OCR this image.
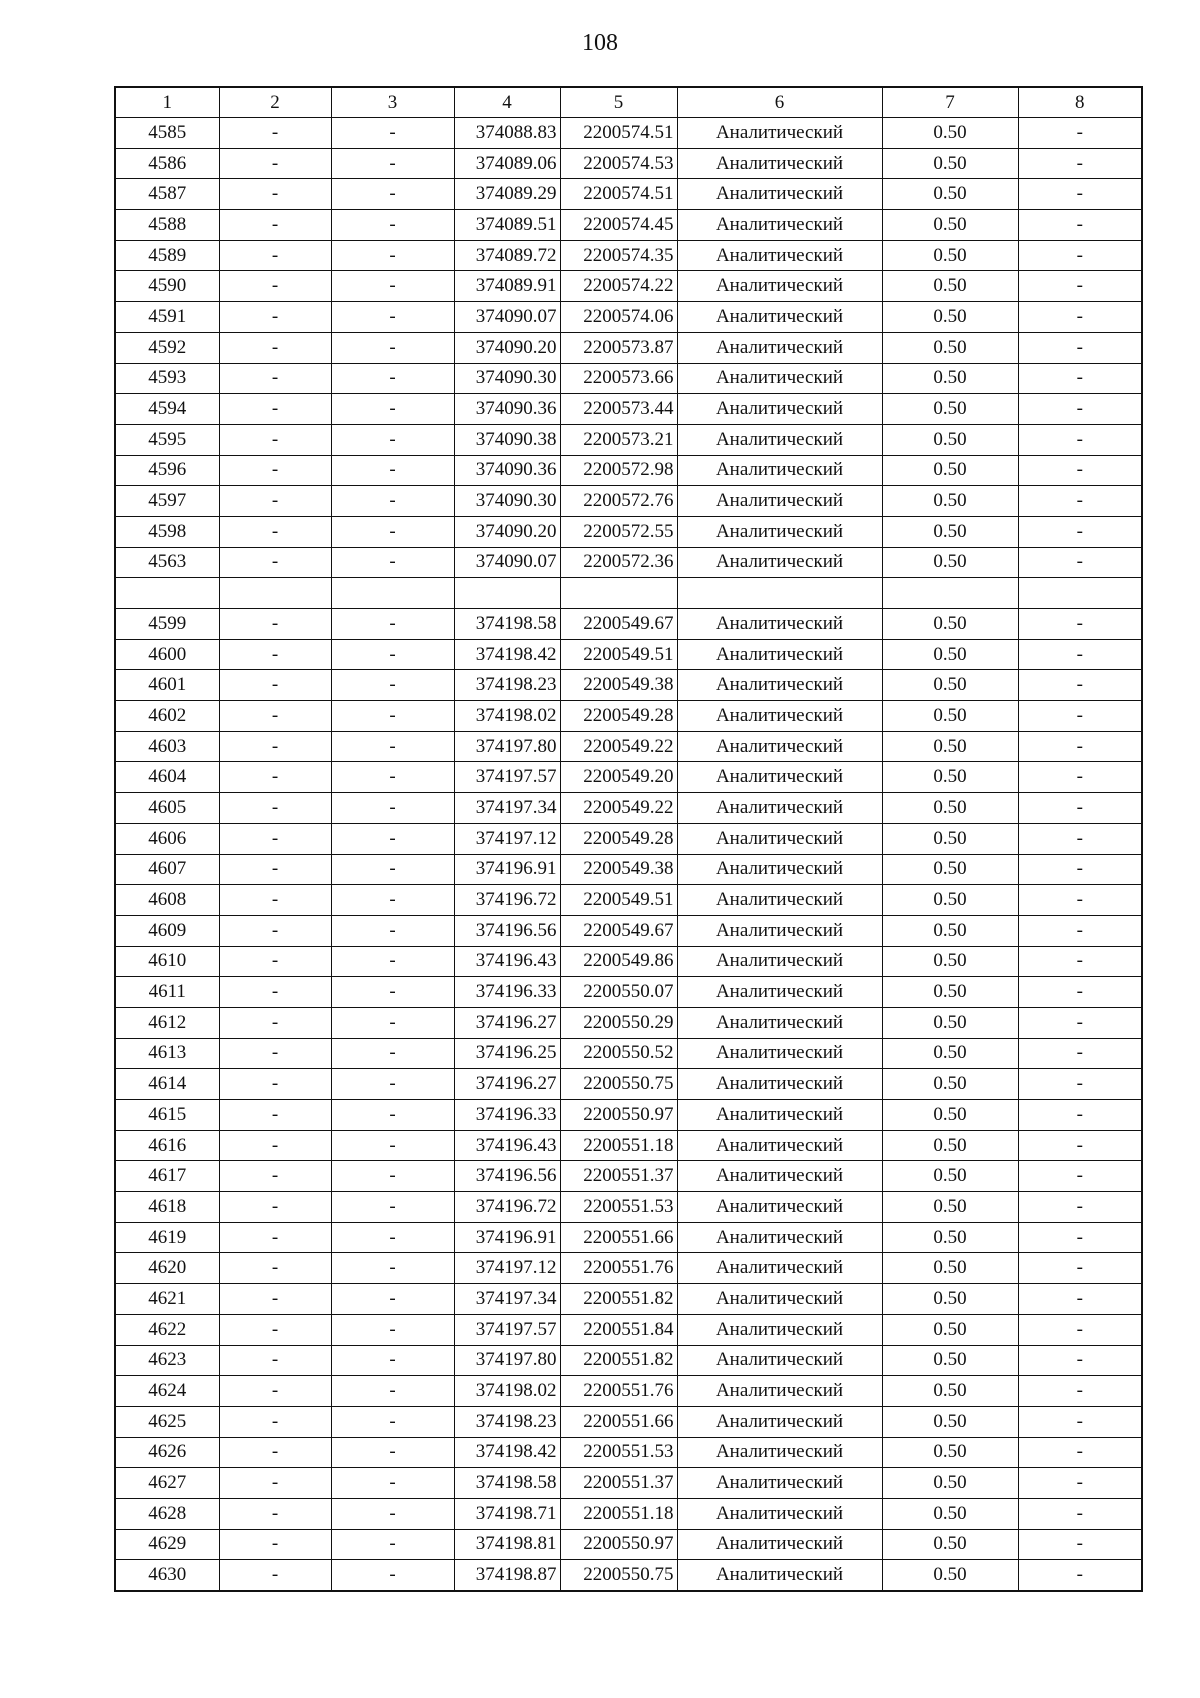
108
1	2	3	4	5	6	7	8
4585	-	-	374088.83	2200574.51	Аналитический	0.50	-
4586	-	-	374089.06	2200574.53	Аналитический	0.50	-
4587	-	-	374089.29	2200574.51	Аналитический	0.50	-
4588	-	-	374089.51	2200574.45	Аналитический	0.50	-
4589	-	-	374089.72	2200574.35	Аналитический	0.50	-
4590	-	-	374089.91	2200574.22	Аналитический	0.50	-
4591	-	-	374090.07	2200574.06	Аналитический	0.50	-
4592	-	-	374090.20	2200573.87	Аналитический	0.50	-
4593	-	-	374090.30	2200573.66	Аналитический	0.50	-
4594	-	-	374090.36	2200573.44	Аналитический	0.50	-
4595	-	-	374090.38	2200573.21	Аналитический	0.50	-
4596	-	-	374090.36	2200572.98	Аналитический	0.50	-
4597	-	-	374090.30	2200572.76	Аналитический	0.50	-
4598	-	-	374090.20	2200572.55	Аналитический	0.50	-
4563	-	-	374090.07	2200572.36	Аналитический	0.50	-

4599	-	-	374198.58	2200549.67	Аналитический	0.50	-
4600	-	-	374198.42	2200549.51	Аналитический	0.50	-
4601	-	-	374198.23	2200549.38	Аналитический	0.50	-
4602	-	-	374198.02	2200549.28	Аналитический	0.50	-
4603	-	-	374197.80	2200549.22	Аналитический	0.50	-
4604	-	-	374197.57	2200549.20	Аналитический	0.50	-
4605	-	-	374197.34	2200549.22	Аналитический	0.50	-
4606	-	-	374197.12	2200549.28	Аналитический	0.50	-
4607	-	-	374196.91	2200549.38	Аналитический	0.50	-
4608	-	-	374196.72	2200549.51	Аналитический	0.50	-
4609	-	-	374196.56	2200549.67	Аналитический	0.50	-
4610	-	-	374196.43	2200549.86	Аналитический	0.50	-
4611	-	-	374196.33	2200550.07	Аналитический	0.50	-
4612	-	-	374196.27	2200550.29	Аналитический	0.50	-
4613	-	-	374196.25	2200550.52	Аналитический	0.50	-
4614	-	-	374196.27	2200550.75	Аналитический	0.50	-
4615	-	-	374196.33	2200550.97	Аналитический	0.50	-
4616	-	-	374196.43	2200551.18	Аналитический	0.50	-
4617	-	-	374196.56	2200551.37	Аналитический	0.50	-
4618	-	-	374196.72	2200551.53	Аналитический	0.50	-
4619	-	-	374196.91	2200551.66	Аналитический	0.50	-
4620	-	-	374197.12	2200551.76	Аналитический	0.50	-
4621	-	-	374197.34	2200551.82	Аналитический	0.50	-
4622	-	-	374197.57	2200551.84	Аналитический	0.50	-
4623	-	-	374197.80	2200551.82	Аналитический	0.50	-
4624	-	-	374198.02	2200551.76	Аналитический	0.50	-
4625	-	-	374198.23	2200551.66	Аналитический	0.50	-
4626	-	-	374198.42	2200551.53	Аналитический	0.50	-
4627	-	-	374198.58	2200551.37	Аналитический	0.50	-
4628	-	-	374198.71	2200551.18	Аналитический	0.50	-
4629	-	-	374198.81	2200550.97	Аналитический	0.50	-
4630	-	-	374198.87	2200550.75	Аналитический	0.50	-
